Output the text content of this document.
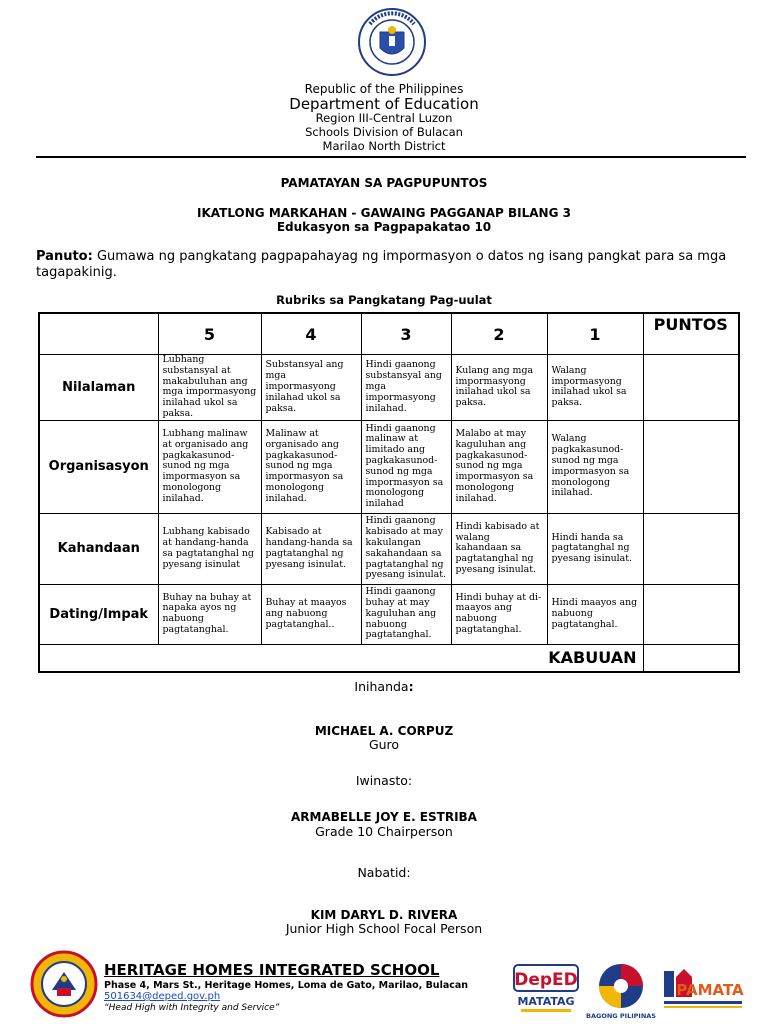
Republic of the Philippines
Department of Education
Region III-Central Luzon
Schools Division of Bulacan
Marilao North District
PAMATAYAN SA PAGPUPUNTOS
IKATLONG MARKAHAN - GAWAING PAGGANAP BILANG 3
Edukasyon sa Pagpapakatao 10
Panuto: Gumawa ng pangkatang pagpapahayag ng impormasyon o datos ng isang pangkat para sa mga tagapakinig.
Rubriks sa Pangkatang Pag-uulat
	5	4	3	2	1	PUNTOS
Nilalaman	Lubhang substansyal at makabuluhan ang mga impormasyong inilahad ukol sa paksa.	Substansyal ang mga impormasyong inilahad ukol sa paksa.	Hindi gaanong substansyal ang mga impormasyong inilahad.	Kulang ang mga impormasyong inilahad ukol sa paksa.	Walang impormasyong inilahad ukol sa paksa.	
Organisasyon	Lubhang malinaw at organisado ang pagkakasunod-sunod ng mga impormasyon sa monologong inilahad.	Malinaw at organisado ang pagkakasunod-sunod ng mga impormasyon sa monologong inilahad.	Hindi gaanong malinaw at limitado ang pagkakasunod-sunod ng mga impormasyon sa monologong inilahad	Malabo at may kaguluhan ang pagkakasunod-sunod ng mga impormasyon sa monologong inilahad.	Walang pagkakasunod-sunod ng mga impormasyon sa monologong inilahad.	
Kahandaan	Lubhang kabisado at handang-handa sa pagtatanghal ng pyesang isinulat	Kabisado at handang-handa sa pagtatanghal ng pyesang isinulat.	Hindi gaanong kabisado at may kakulangan sakahandaan sa pagtatanghal ng pyesang isinulat.	Hindi kabisado at walang kahandaan sa pagtatanghal ng pyesang isinulat.	Hindi handa sa pagtatanghal ng pyesang isinulat.	
Dating/Impak	Buhay na buhay at napaka ayos ng nabuong pagtatanghal.	Buhay at maayos ang nabuong pagtatanghal..	Hindi gaanong buhay at may kaguluhan ang nabuong pagtatanghal.	Hindi buhay at di- maayos ang nabuong pagtatanghal.	Hindi maayos ang nabuong pagtatanghal.	
KABUUAN						
Inihanda:
MICHAEL A. CORPUZ
Guro
Iwinasto:
ARMABELLE JOY E. ESTRIBA
Grade 10 Chairperson
Nabatid:
KIM DARYL D. RIVERA
Junior High School Focal Person
HERITAGE HOMES INTEGRATED SCHOOL
Phase 4, Mars St., Heritage Homes, Loma de Gato, Marilao, Bulacan
501634@deped.gov.ph
“Head High with Integrity and Service”
DepED
MATATAG
BAGONG PILIPINAS
PAMATA
